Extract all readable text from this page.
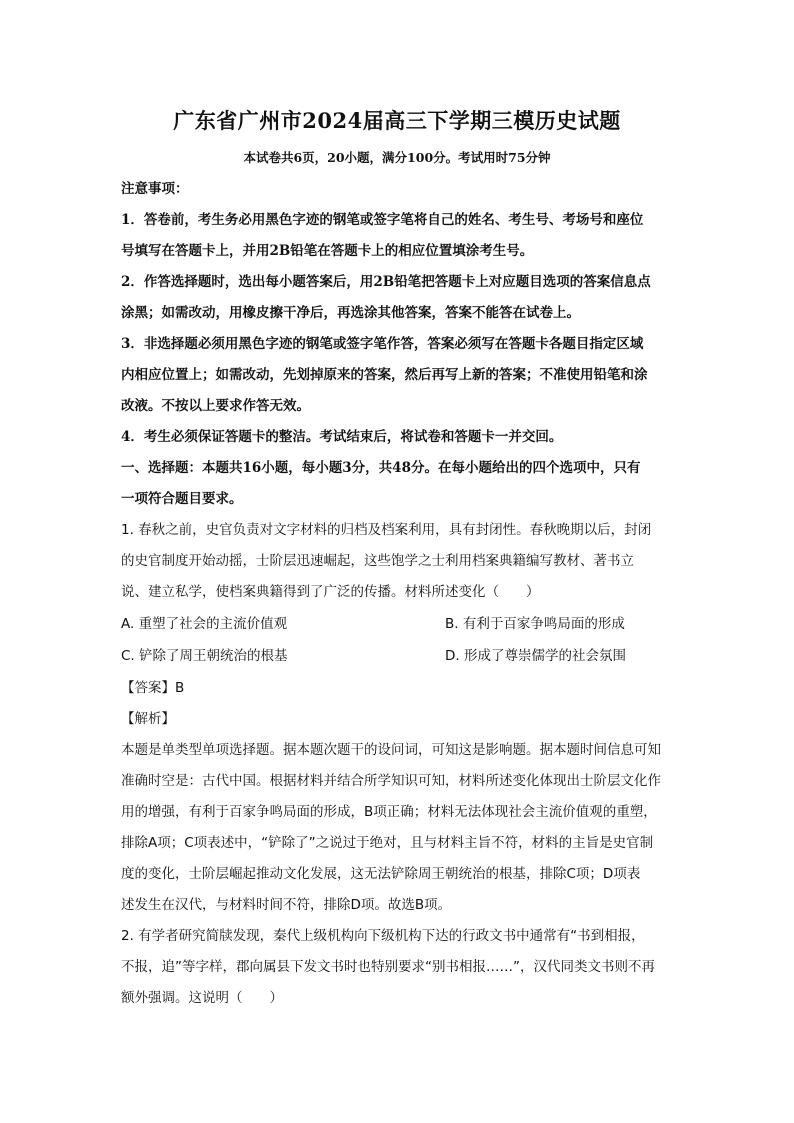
广东省广州市2024届高三下学期三模历史试题
本试卷共6页，20小题，满分100分。考试用时75分钟
注意事项：
1．答卷前，考生务必用黑色字迹的钢笔或签字笔将自己的姓名、考生号、考场号和座位
号填写在答题卡上，并用2B铅笔在答题卡上的相应位置填涂考生号。
2．作答选择题时，选出每小题答案后，用2B铅笔把答题卡上对应题目选项的答案信息点
涂黑；如需改动，用橡皮擦干净后，再选涂其他答案，答案不能答在试卷上。
3．非选择题必须用黑色字迹的钢笔或签字笔作答，答案必须写在答题卡各题目指定区域
内相应位置上；如需改动，先划掉原来的答案，然后再写上新的答案；不准使用铅笔和涂
改液。不按以上要求作答无效。
4．考生必须保证答题卡的整洁。考试结束后，将试卷和答题卡一并交回。
一、选择题：本题共16小题，每小题3分，共48分。在每小题给出的四个选项中，只有
一项符合题目要求。
1. 春秋之前，史官负责对文字材料的归档及档案利用，具有封闭性。春秋晚期以后，封闭
的史官制度开始动摇，士阶层迅速崛起，这些饱学之士利用档案典籍编写教材、著书立
说、建立私学，使档案典籍得到了广泛的传播。材料所述变化（　　）
A. 重塑了社会的主流价值观	B. 有利于百家争鸣局面的形成
C. 铲除了周王朝统治的根基	D. 形成了尊崇儒学的社会氛围
【答案】B
【解析】
本题是单类型单项选择题。据本题次题干的设问词，可知这是影响题。据本题时间信息可知
准确时空是：古代中国。根据材料并结合所学知识可知，材料所述变化体现出士阶层文化作
用的增强，有利于百家争鸣局面的形成，B项正确；材料无法体现社会主流价值观的重塑，
排除A项；C项表述中，“铲除了”之说过于绝对，且与材料主旨不符，材料的主旨是史官制
度的变化，士阶层崛起推动文化发展，这无法铲除周王朝统治的根基，排除C项；D项表
述发生在汉代，与材料时间不符，排除D项。故选B项。
2. 有学者研究简牍发现，秦代上级机构向下级机构下达的行政文书中通常有“书到相报，
不报，追”等字样，郡向属县下发文书时也特别要求“别书相报……”，汉代同类文书则不再
额外强调。这说明（　　）
